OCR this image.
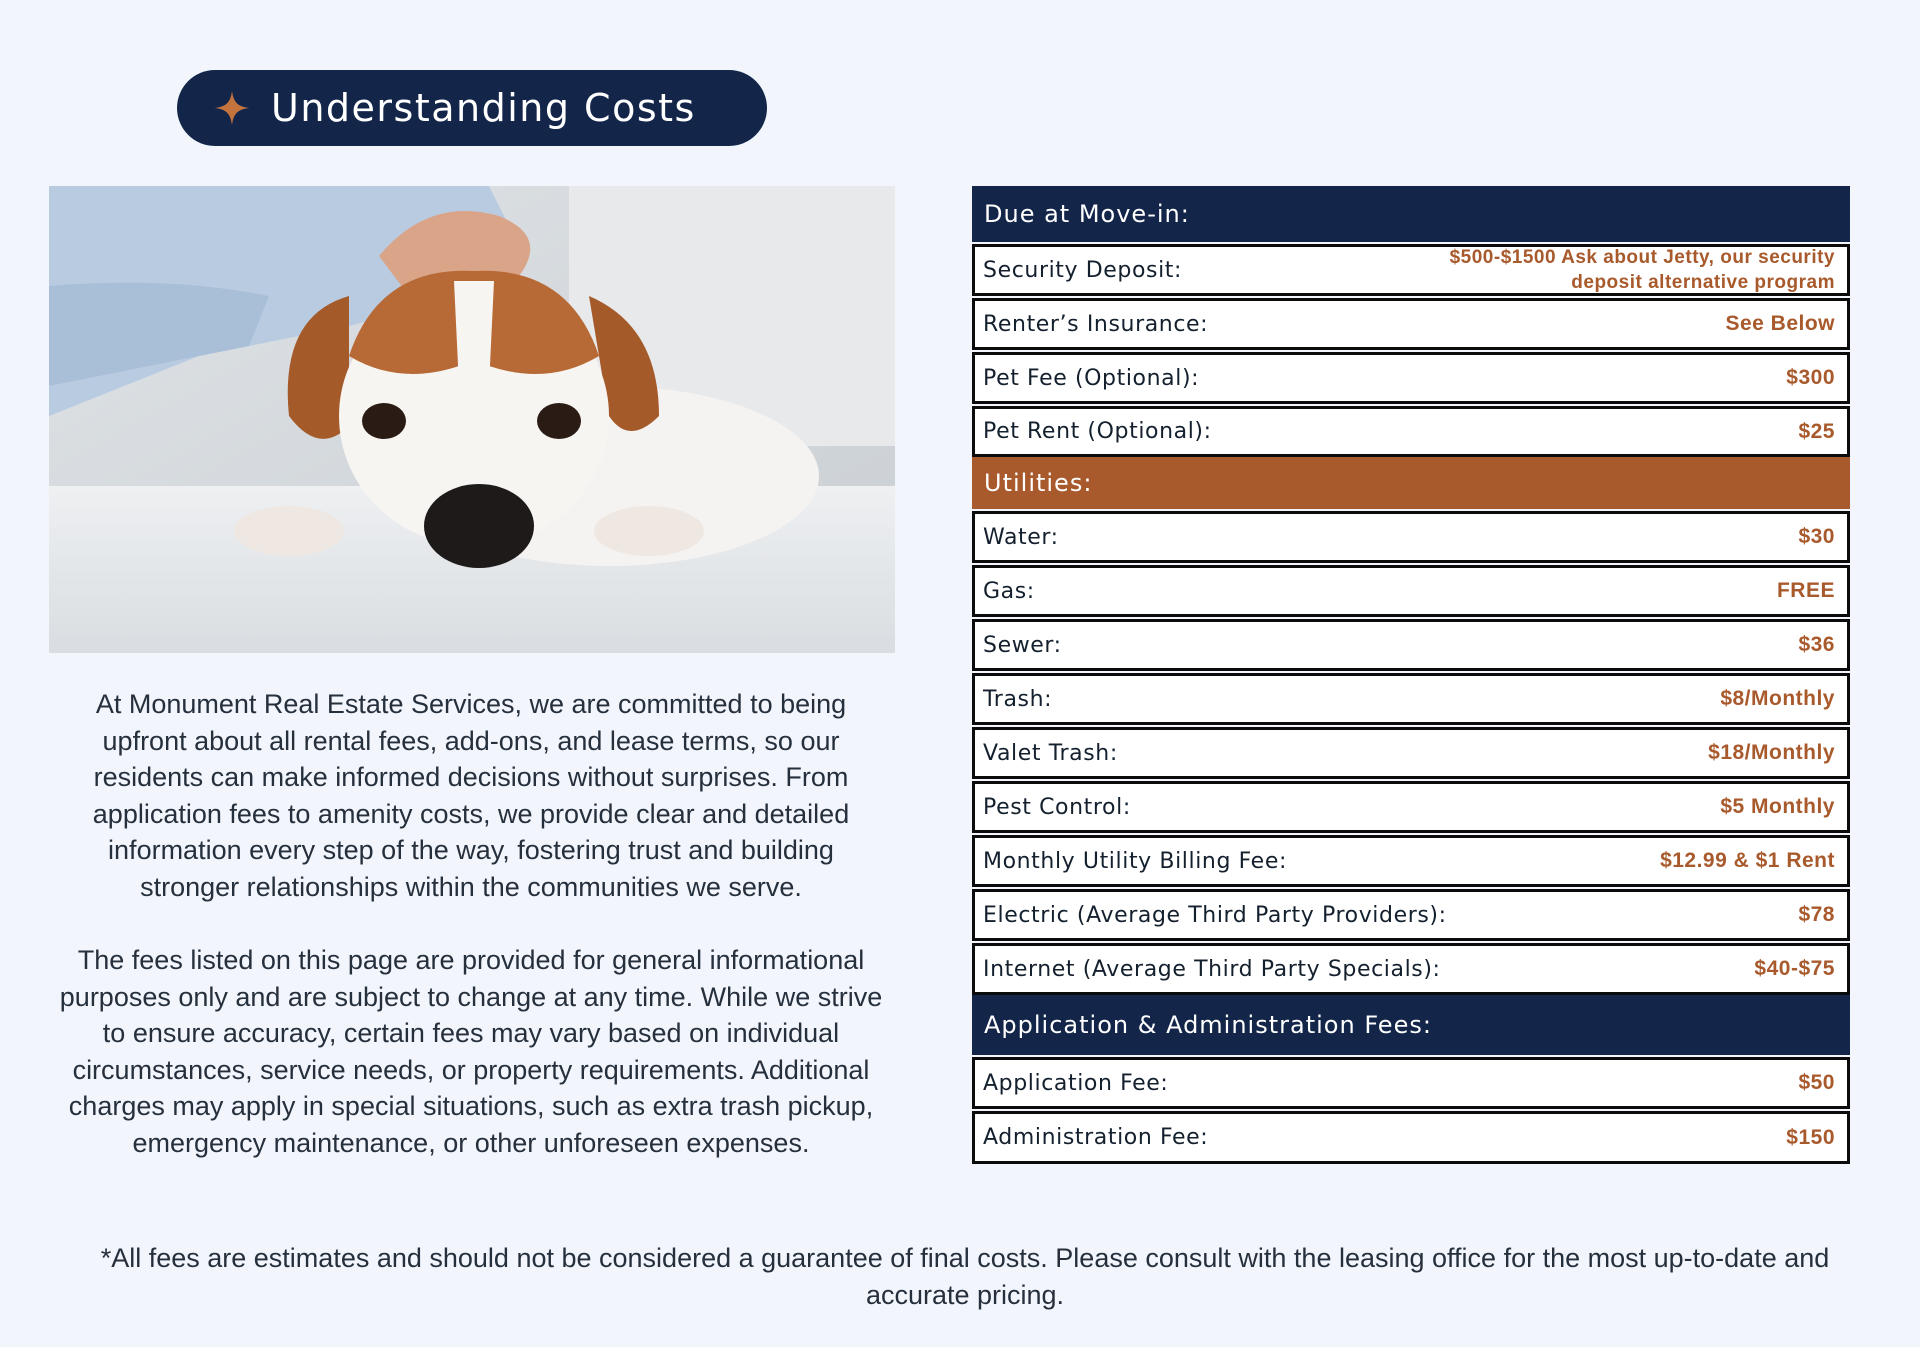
Understanding Costs

At Monument Real Estate Services, we are committed to being upfront about all rental fees, add-ons, and lease terms, so our residents can make informed decisions without surprises. From application fees to amenity costs, we provide clear and detailed information every step of the way, fostering trust and building stronger relationships within the communities we serve.

The fees listed on this page are provided for general informational purposes only and are subject to change at any time. While we strive to ensure accuracy, certain fees may vary based on individual circumstances, service needs, or property requirements. Additional charges may apply in special situations, such as extra trash pickup, emergency maintenance, or other unforeseen expenses.

Due at Move-in:
Security Deposit:	$500-$1500 Ask about Jetty, our security deposit alternative program
Renter’s Insurance:	See Below
Pet Fee (Optional):	$300
Pet Rent (Optional):	$25
Utilities:
Water:	$30
Gas:	FREE
Sewer:	$36
Trash:	$8/Monthly
Valet Trash:	$18/Monthly
Pest Control:	$5 Monthly
Monthly Utility Billing Fee:	$12.99 & $1 Rent
Electric (Average Third Party Providers):	$78
Internet (Average Third Party Specials):	$40-$75
Application & Administration Fees:
Application Fee:	$50
Administration Fee:	$150
*All fees are estimates and should not be considered a guarantee of final costs. Please consult with the leasing office for the most up-to-date and accurate pricing.
